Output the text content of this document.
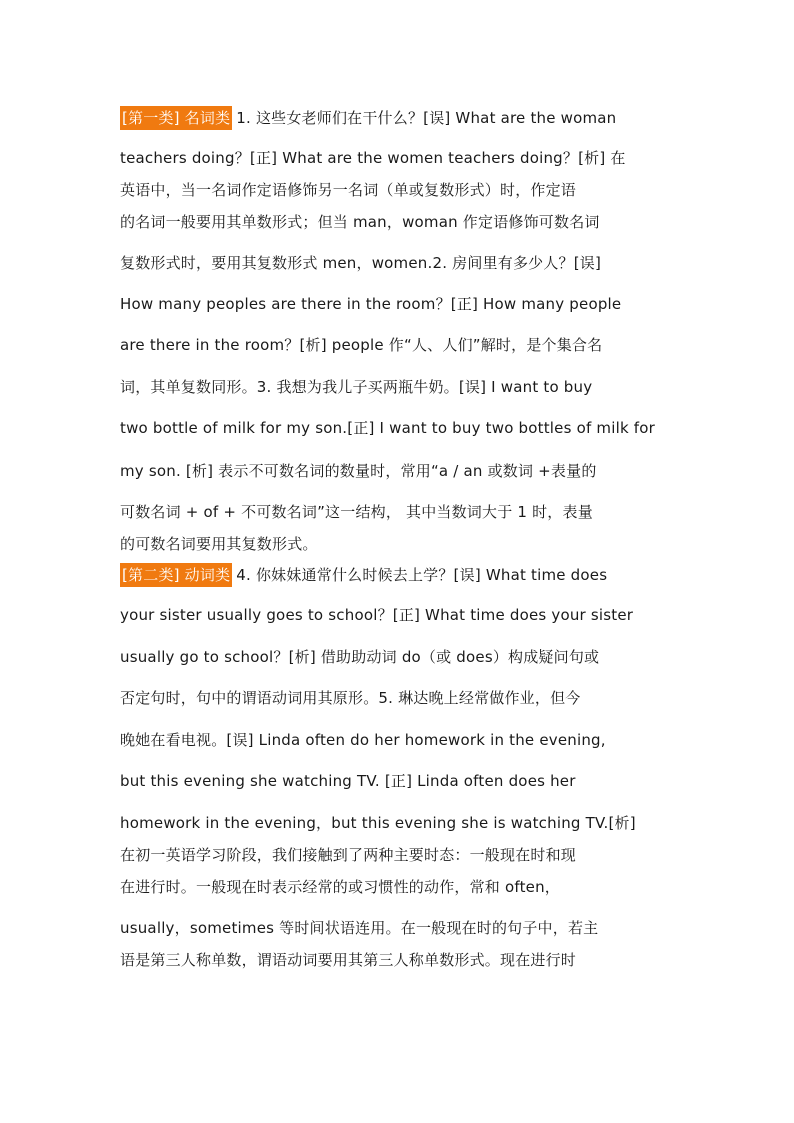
[第一类] 名词类 1. 这些女老师们在干什么？[误] What are the woman
teachers doing？[正] What are the women teachers doing？[析] 在
英语中，当一名词作定语修饰另一名词（单或复数形式）时，作定语
的名词一般要用其单数形式；但当 man，woman 作定语修饰可数名词
复数形式时，要用其复数形式 men，women.2. 房间里有多少人？[误]
How many peoples are there in the room？[正] How many people
are there in the room？[析] people 作“人、人们”解时，是个集合名
词，其单复数同形。3. 我想为我儿子买两瓶牛奶。[误] I want to buy
two bottle of milk for my son.[正] I want to buy two bottles of milk for
my son. [析] 表示不可数名词的数量时，常用“a / an 或数词 +表量的
可数名词 + of + 不可数名词”这一结构， 其中当数词大于 1 时，表量
的可数名词要用其复数形式。
[第二类] 动词类 4. 你妹妹通常什么时候去上学？[误] What time does
your sister usually goes to school？[正] What time does your sister
usually go to school？[析] 借助助动词 do（或 does）构成疑问句或
否定句时，句中的谓语动词用其原形。5. 琳达晚上经常做作业，但今
晚她在看电视。[误] Linda often do her homework in the evening,
but this evening she watching TV. [正] Linda often does her
homework in the evening，but this evening she is watching TV.[析]
在初一英语学习阶段，我们接触到了两种主要时态：一般现在时和现
在进行时。一般现在时表示经常的或习惯性的动作，常和 often，
usually，sometimes 等时间状语连用。在一般现在时的句子中，若主
语是第三人称单数，谓语动词要用其第三人称单数形式。现在进行时
